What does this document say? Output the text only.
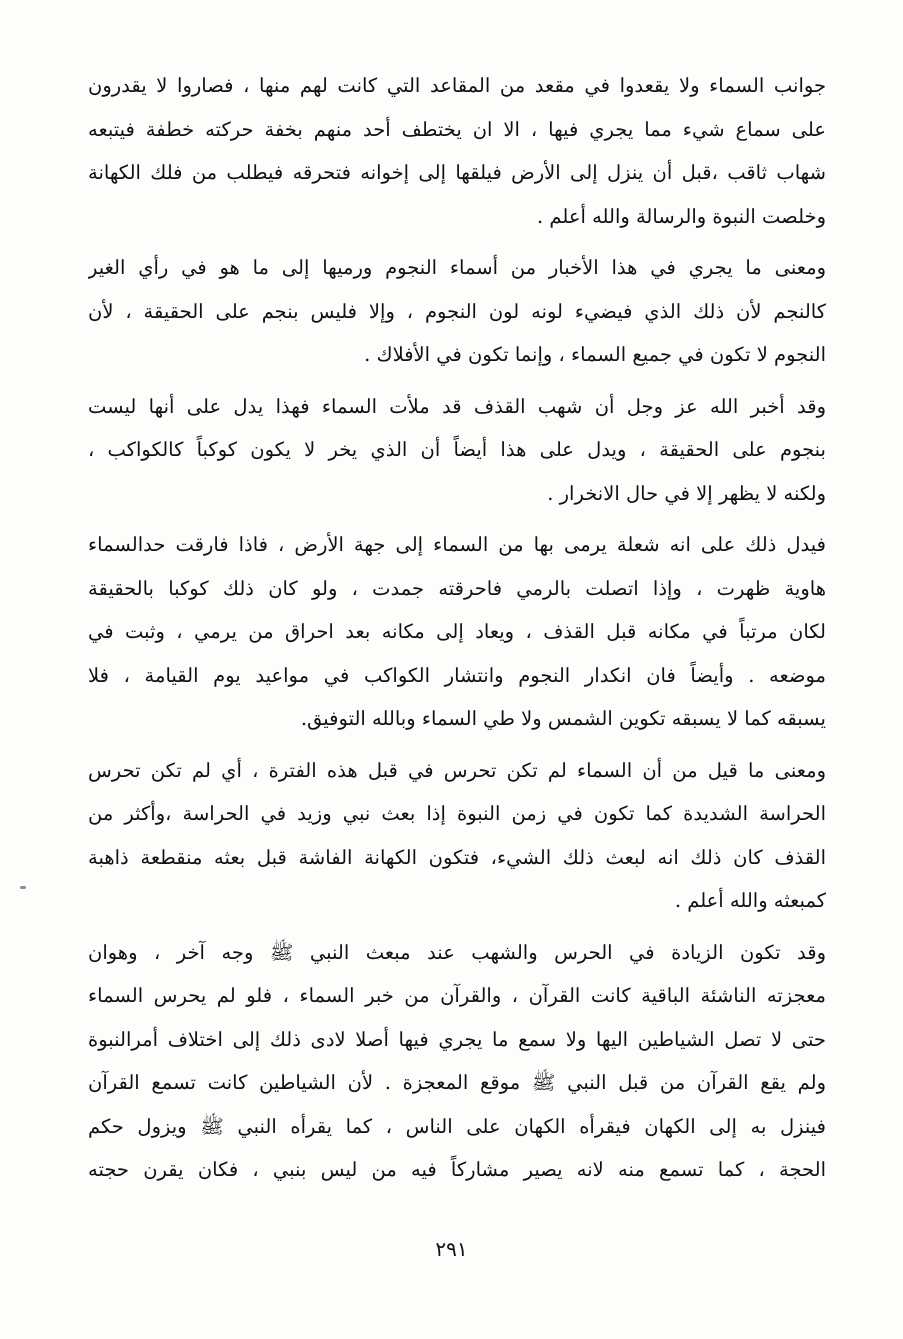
جوانب السماء ولا يقعدوا في مقعد من المقاعد التي كانت لهم منها ، فصاروا لا يقدرون
على سماع شيء مما يجري فيها ، الا ان يختطف أحد منهم بخفة حركته خطفة فيتبعه
شهاب ثاقب ،قبل أن ينزل إلى الأرض فيلقها إلى إخوانه فتحرقه فيطلب من فلك الكهانة
وخلصت النبوة والرسالة والله أعلم .
ومعنى ما يجري في هذا الأخبار من أسماء النجوم ورميها إلى ما هو في رأي الغير
كالنجم لأن ذلك الذي فيضيء لونه لون النجوم ، وإلا فليس بنجم على الحقيقة ، لأن
النجوم لا تكون في جميع السماء ، وإنما تكون في الأفلاك .
وقد أخبر الله عز وجل أن شهب القذف قد ملأت السماء فهذا يدل على أنها ليست
بنجوم على الحقيقة ، ويدل على هذا أيضاً أن الذي يخر لا يكون كوكباً كالكواكب ،
ولكنه لا يظهر إلا في حال الانخرار .
فيدل ذلك على انه شعلة يرمى بها من السماء إلى جهة الأرض ، فاذا فارقت حدالسماء
هاوية ظهرت ، وإذا اتصلت بالرمي فاحرقته جمدت ، ولو كان ذلك كوكبا بالحقيقة
لكان مرتباً في مكانه قبل القذف ، ويعاد إلى مكانه بعد احراق من يرمي ، وثبت في
موضعه . وأيضاً فان انكدار النجوم وانتشار الكواكب في مواعيد يوم القيامة ، فلا
يسبقه كما لا يسبقه تكوين الشمس ولا طي السماء وبالله التوفيق.
ومعنى ما قيل من أن السماء لم تكن تحرس في قبل هذه الفترة ، أي لم تكن تحرس
الحراسة الشديدة كما تكون في زمن النبوة إذا بعث نبي وزيد في الحراسة ،وأكثر من
القذف كان ذلك انه لبعث ذلك الشيء، فتكون الكهانة الفاشة قبل بعثه منقطعة ذاهبة
كمبعثه والله أعلم .
وقد تكون الزيادة في الحرس والشهب عند مبعث النبي ﷺ وجه آخر ، وهوان
معجزته الناشئة الباقية كانت القرآن ، والقرآن من خبر السماء ، فلو لم يحرس السماء
حتى لا تصل الشياطين اليها ولا سمع ما يجري فيها أصلا لادى ذلك إلى اختلاف أمرالنبوة
ولم يقع القرآن من قبل النبي ﷺ موقع المعجزة . لأن الشياطين كانت تسمع القرآن
فينزل به إلى الكهان فيقرأه الكهان على الناس ، كما يقرأه النبي ﷺ ويزول حكم
الحجة ، كما تسمع منه لانه يصير مشاركاً فيه من ليس بنبي ، فكان يقرن حجته
٢٩١
